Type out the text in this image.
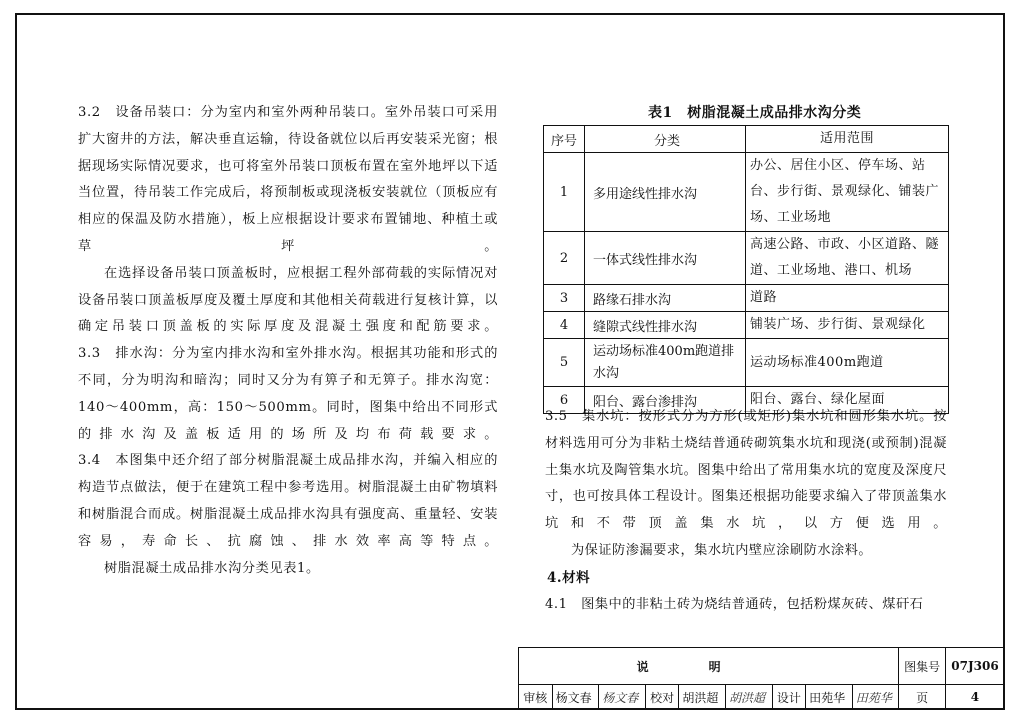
3.2　设备吊装口：分为室内和室外两种吊装口。室外吊装口可采用扩大窗井的方法，解决垂直运输，待设备就位以后再安装采光窗；根据现场实际情况要求，也可将室外吊装口顶板布置在室外地坪以下适当位置，待吊装工作完成后，将预制板或现浇板安装就位（顶板应有相应的保温及防水措施），板上应根据设计要求布置铺地、种植土或草坪。

在选择设备吊装口顶盖板时，应根据工程外部荷载的实际情况对设备吊装口顶盖板厚度及覆土厚度和其他相关荷载进行复核计算，以确定吊装口顶盖板的实际厚度及混凝土强度和配筋要求。

3.3　排水沟：分为室内排水沟和室外排水沟。根据其功能和形式的不同，分为明沟和暗沟；同时又分为有箅子和无箅子。排水沟宽：140～400mm，高：150～500mm。同时，图集中给出不同形式的排水沟及盖板适用的场所及均布荷载要求。

3.4　本图集中还介绍了部分树脂混凝土成品排水沟，并编入相应的构造节点做法，便于在建筑工程中参考选用。树脂混凝土由矿物填料和树脂混合而成。树脂混凝土成品排水沟具有强度高、重量轻、安装容易，寿命长、抗腐蚀、排水效率高等特点。

树脂混凝土成品排水沟分类见表1。

表1　树脂混凝土成品排水沟分类
序号	分类	适用范围
1	多用途线性排水沟	办公、居住小区、停车场、站台、步行街、景观绿化、铺装广场、工业场地
2	一体式线性排水沟	高速公路、市政、小区道路、隧道、工业场地、港口、机场
3	路缘石排水沟	道路
4	缝隙式线性排水沟	铺装广场、步行街、景观绿化
5	运动场标准400m跑道排水沟	运动场标准400m跑道
6	阳台、露台渗排沟	阳台、露台、绿化屋面

3.5　集水坑：按形式分为方形(或矩形)集水坑和圆形集水坑。按材料选用可分为非粘土烧结普通砖砌筑集水坑和现浇(或预制)混凝土集水坑及陶管集水坑。图集中给出了常用集水坑的宽度及深度尺寸，也可按具体工程设计。图集还根据功能要求编入了带顶盖集水坑和不带顶盖集水坑，以方便选用。

为保证防渗漏要求，集水坑内壁应涂刷防水涂料。

4.材料

4.1　图集中的非粘土砖为烧结普通砖，包括粉煤灰砖、煤矸石

说明									图集号	07J306
审核	杨文春	杨文春	校对	胡洪超	胡洪超	设计	田苑华	田苑华	页	4
